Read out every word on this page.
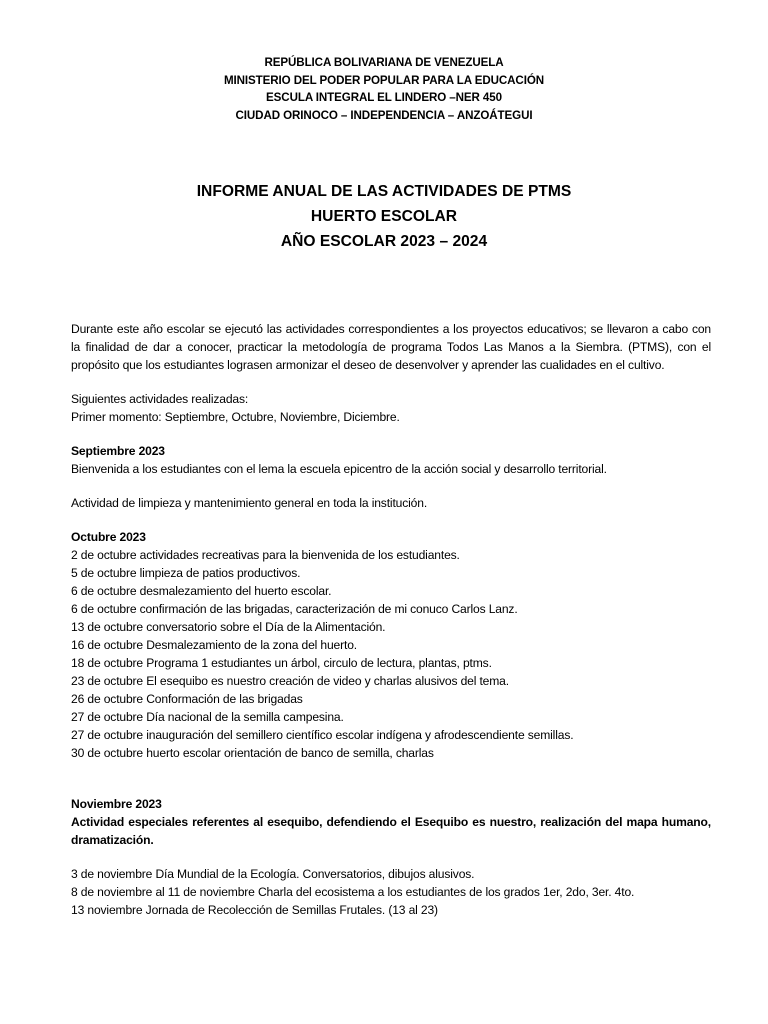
REPÚBLICA BOLIVARIANA DE VENEZUELA
MINISTERIO DEL PODER POPULAR PARA LA EDUCACIÓN
ESCULA INTEGRAL EL LINDERO –NER 450
CIUDAD ORINOCO – INDEPENDENCIA – ANZOÁTEGUI
INFORME ANUAL DE LAS ACTIVIDADES DE PTMS
HUERTO ESCOLAR
AÑO ESCOLAR 2023 – 2024

Durante este año escolar se ejecutó las actividades correspondientes a los proyectos educativos; se llevaron a cabo con la finalidad de dar a conocer, practicar la metodología de programa Todos Las Manos a la Siembra. (PTMS), con el propósito que los estudiantes lograsen armonizar el deseo de desenvolver y aprender las cualidades en el cultivo.

Siguientes actividades realizadas:
Primer momento: Septiembre, Octubre, Noviembre, Diciembre.
Septiembre 2023
Bienvenida a los estudiantes con el lema la escuela epicentro de la acción social y desarrollo territorial.
Actividad de limpieza y mantenimiento general en toda la institución.
Octubre 2023
2 de octubre actividades recreativas para la bienvenida de los estudiantes.
5 de octubre limpieza de patios productivos.
6 de octubre desmalezamiento del huerto escolar.
6 de octubre confirmación de las brigadas, caracterización de mi conuco Carlos Lanz.
13 de octubre conversatorio sobre el Día de la Alimentación.
16 de octubre Desmalezamiento de la zona del huerto.
18 de octubre Programa 1 estudiantes un árbol, circulo de lectura, plantas, ptms.
23 de octubre El esequibo es nuestro creación de video y charlas alusivos del tema.
26 de octubre Conformación de las brigadas
27 de octubre Día nacional de la semilla campesina.
27 de octubre inauguración del semillero científico escolar indígena y afrodescendiente semillas.
30 de octubre huerto escolar orientación de banco de semilla, charlas
Noviembre 2023
Actividad especiales referentes al esequibo, defendiendo el Esequibo es nuestro, realización del mapa humano, dramatización.
3 de noviembre Día Mundial de la Ecología. Conversatorios, dibujos alusivos.
8 de noviembre al 11 de noviembre Charla del ecosistema a los estudiantes de los grados 1er, 2do, 3er. 4to.
13 noviembre Jornada de Recolección de Semillas Frutales. (13 al 23)
